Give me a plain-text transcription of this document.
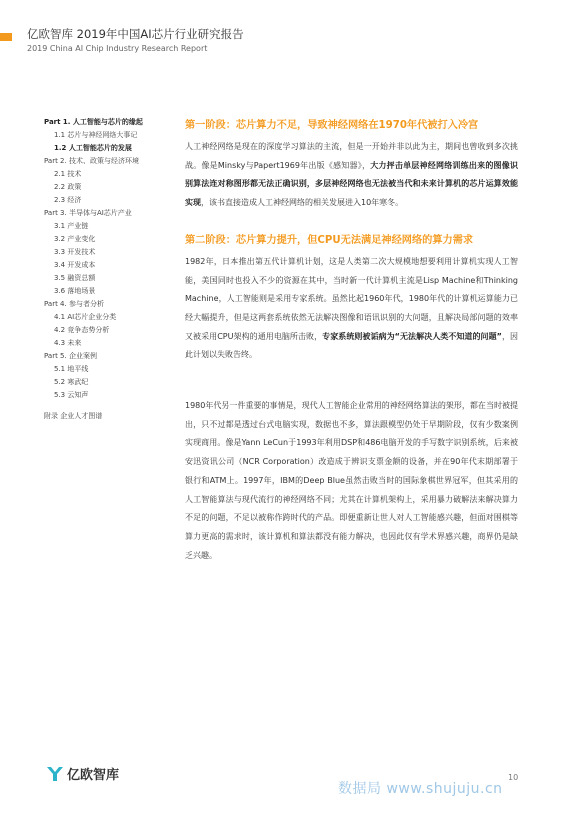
亿欧智库 2019年中国AI芯片行业研究报告
2019 China AI Chip Industry Research Report
Part 1. 人工智能与芯片的缘起
1.1 芯片与神经网络大事记
1.2 人工智能芯片的发展
Part 2. 技术、政策与经济环境
2.1 技术
2.2 政策
2.3 经济
Part 3. 半导体与AI芯片产业
3.1 产业链
3.2 产业变化
3.3 开发技术
3.4 开发成本
3.5 融资总额
3.6 落地场景
Part 4. 参与者分析
4.1 AI芯片企业分类
4.2 竞争态势分析
4.3 未来
Part 5. 企业案例
5.1 地平线
5.2 寒武纪
5.3 云知声
附录 企业人才图谱
第一阶段：芯片算力不足，导致神经网络在1970年代被打入冷宫

人工神经网络是现在的深度学习算法的主流，但是一开始并非以此为主，期间也曾收到多次挑战。像是Minsky与Papert1969年出版《感知器》，大力抨击单层神经网络训练出来的图像识别算法连对称图形都无法正确识别，多层神经网络也无法被当代和未来计算机的芯片运算效能实现，该书直接造成人工神经网络的相关发展进入10年寒冬。

第二阶段：芯片算力提升，但CPU无法满足神经网络的算力需求

1982年，日本推出第五代计算机计划，这是人类第二次大规模地想要利用计算机实现人工智能，美国同时也投入不少的资源在其中，当时新一代计算机主流是Lisp Machine和Thinking Machine，人工智能则是采用专家系统。虽然比起1960年代，1980年代的计算机运算能力已经大幅提升，但是这两套系统依然无法解决图像和语讯识别的大问题，且解决局部问题的效率又被采用CPU架构的通用电脑所击败，专家系统则被诟病为“无法解决人类不知道的问题”，因此计划以失败告终。

1980年代另一件重要的事情是，现代人工智能企业常用的神经网络算法的架形，都在当时被提出，只不过都是透过台式电脑实现，数据也不多，算法跟模型仍处于早期阶段，仅有少数案例实现商用。像是Yann LeCun于1993年利用DSP和486电脑开发的手写数字识别系统，后来被安迅资讯公司（NCR Corporation）改造成于辨识支票金额的设备，并在90年代末期部署于银行和ATM上。1997年，IBM的Deep Blue虽然击败当时的国际象棋世界冠军，但其采用的人工智能算法与现代流行的神经网络不同；尤其在计算机架构上，采用暴力破解法来解决算力不足的问题，不足以被称作跨时代的产品。即便重新让世人对人工智能感兴趣，但面对围棋等算力更高的需求时，该计算机和算法都没有能力解决，也因此仅有学术界感兴趣，商界仍是缺乏兴趣。

亿欧智库
数据局 www.shujuju.cn
10
